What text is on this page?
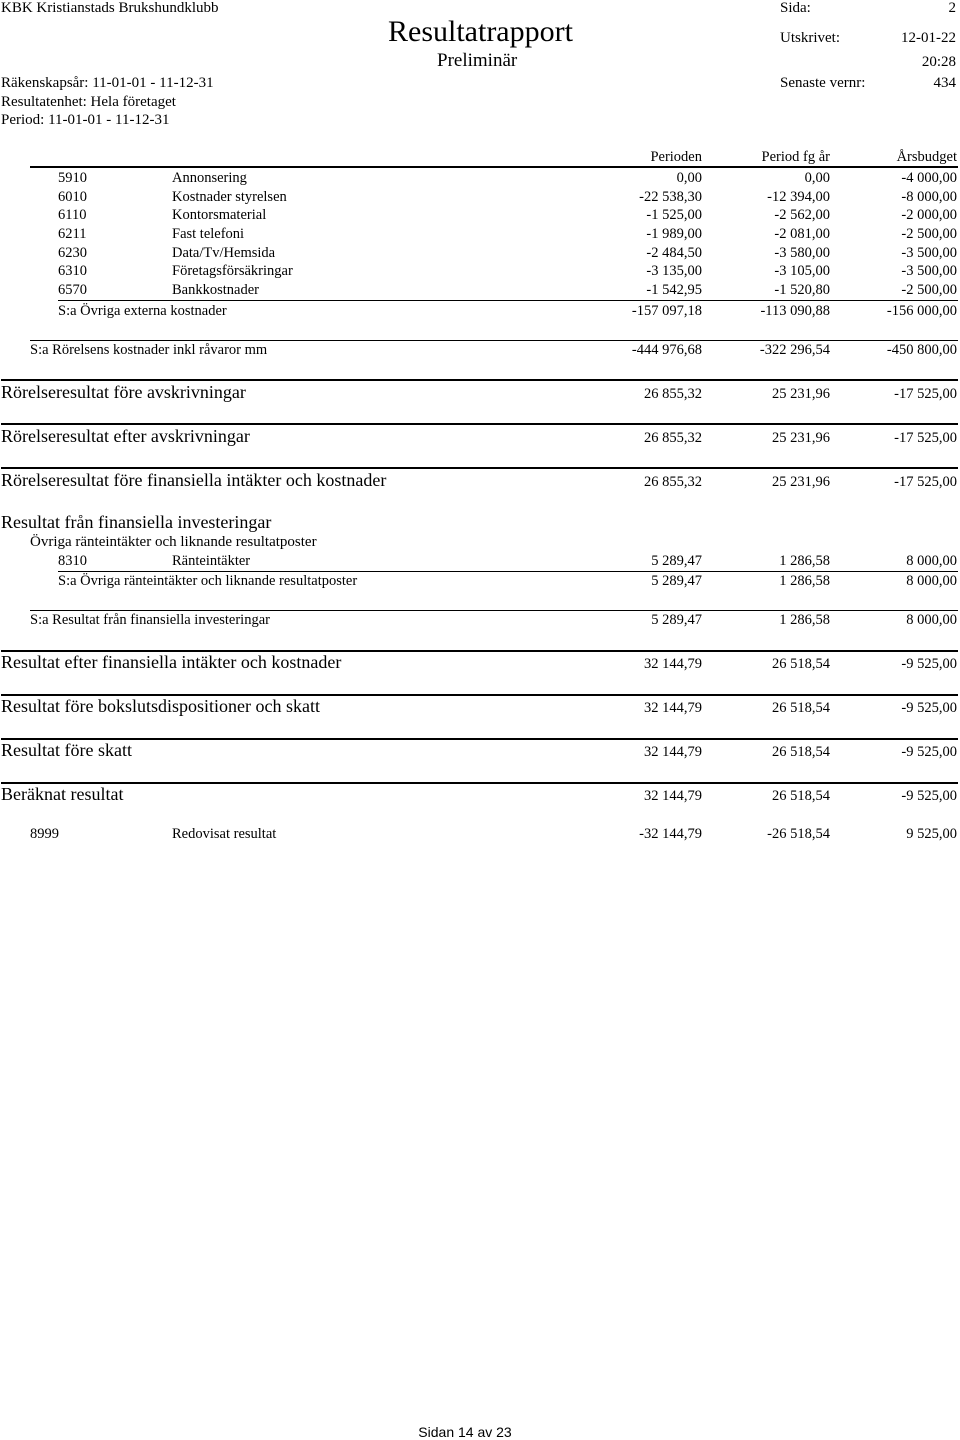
KBK Kristianstads Brukshundklubb
Resultatrapport
Preliminär
Sida:	2
Utskrivet:	12-01-22
20:28
Räkenskapsår: 11-01-01 - 11-12-31	Senaste vernr:	434
Resultatenhet: Hela företaget
Period: 11-01-01 - 11-12-31
Perioden	Period fg år	Årsbudget
5910	Annonsering	0,00	0,00	-4 000,00
6010	Kostnader styrelsen	-22 538,30	-12 394,00	-8 000,00
6110	Kontorsmaterial	-1 525,00	-2 562,00	-2 000,00
6211	Fast telefoni	-1 989,00	-2 081,00	-2 500,00
6230	Data/Tv/Hemsida	-2 484,50	-3 580,00	-3 500,00
6310	Företagsförsäkringar	-3 135,00	-3 105,00	-3 500,00
6570	Bankkostnader	-1 542,95	-1 520,80	-2 500,00
S:a Övriga externa kostnader	-157 097,18	-113 090,88	-156 000,00
S:a Rörelsens kostnader inkl råvaror mm	-444 976,68	-322 296,54	-450 800,00
Rörelseresultat före avskrivningar	26 855,32	25 231,96	-17 525,00
Rörelseresultat efter avskrivningar	26 855,32	25 231,96	-17 525,00
Rörelseresultat före finansiella intäkter och kostnader	26 855,32	25 231,96	-17 525,00
Resultat från finansiella investeringar
Övriga ränteintäkter och liknande resultatposter
8310	Ränteintäkter	5 289,47	1 286,58	8 000,00
S:a Övriga ränteintäkter och liknande resultatposter	5 289,47	1 286,58	8 000,00
S:a Resultat från finansiella investeringar	5 289,47	1 286,58	8 000,00
Resultat efter finansiella intäkter och kostnader	32 144,79	26 518,54	-9 525,00
Resultat före bokslutsdispositioner och skatt	32 144,79	26 518,54	-9 525,00
Resultat före skatt	32 144,79	26 518,54	-9 525,00
Beräknat resultat	32 144,79	26 518,54	-9 525,00
8999	Redovisat resultat	-32 144,79	-26 518,54	9 525,00
Sidan 14 av 23
